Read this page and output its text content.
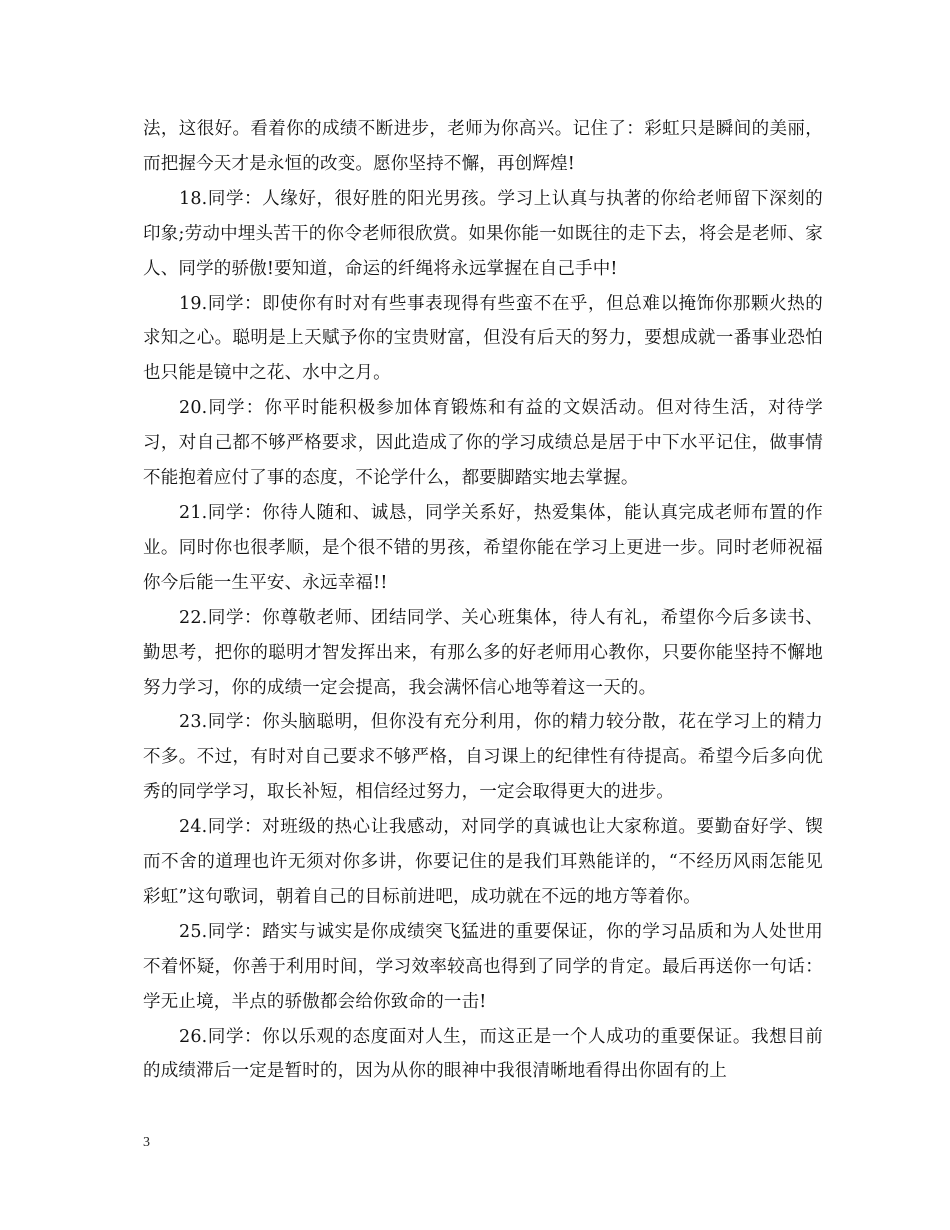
法，这很好。看着你的成绩不断进步，老师为你高兴。记住了：彩虹只是瞬间的美丽，而把握今天才是永恒的改变。愿你坚持不懈，再创辉煌!

18.同学：人缘好，很好胜的阳光男孩。学习上认真与执著的你给老师留下深刻的印象;劳动中埋头苦干的你令老师很欣赏。如果你能一如既往的走下去，将会是老师、家人、同学的骄傲!要知道，命运的纤绳将永远掌握在自己手中!

19.同学：即使你有时对有些事表现得有些蛮不在乎，但总难以掩饰你那颗火热的求知之心。聪明是上天赋予你的宝贵财富，但没有后天的努力，要想成就一番事业恐怕也只能是镜中之花、水中之月。

20.同学：你平时能积极参加体育锻炼和有益的文娱活动。但对待生活，对待学习，对自己都不够严格要求，因此造成了你的学习成绩总是居于中下水平记住，做事情不能抱着应付了事的态度，不论学什么，都要脚踏实地去掌握。

21.同学：你待人随和、诚恳，同学关系好，热爱集体，能认真完成老师布置的作业。同时你也很孝顺，是个很不错的男孩，希望你能在学习上更进一步。同时老师祝福你今后能一生平安、永远幸福!!

22.同学：你尊敬老师、团结同学、关心班集体，待人有礼，希望你今后多读书、勤思考，把你的聪明才智发挥出来，有那么多的好老师用心教你，只要你能坚持不懈地努力学习，你的成绩一定会提高，我会满怀信心地等着这一天的。

23.同学：你头脑聪明，但你没有充分利用，你的精力较分散，花在学习上的精力不多。不过，有时对自己要求不够严格，自习课上的纪律性有待提高。希望今后多向优秀的同学学习，取长补短，相信经过努力，一定会取得更大的进步。

24.同学：对班级的热心让我感动，对同学的真诚也让大家称道。要勤奋好学、锲而不舍的道理也许无须对你多讲，你要记住的是我们耳熟能详的，“不经历风雨怎能见彩虹”这句歌词，朝着自己的目标前进吧，成功就在不远的地方等着你。

25.同学：踏实与诚实是你成绩突飞猛进的重要保证，你的学习品质和为人处世用不着怀疑，你善于利用时间，学习效率较高也得到了同学的肯定。最后再送你一句话：学无止境，半点的骄傲都会给你致命的一击!

26.同学：你以乐观的态度面对人生，而这正是一个人成功的重要保证。我想目前的成绩滞后一定是暂时的，因为从你的眼神中我很清晰地看得出你固有的上

3
